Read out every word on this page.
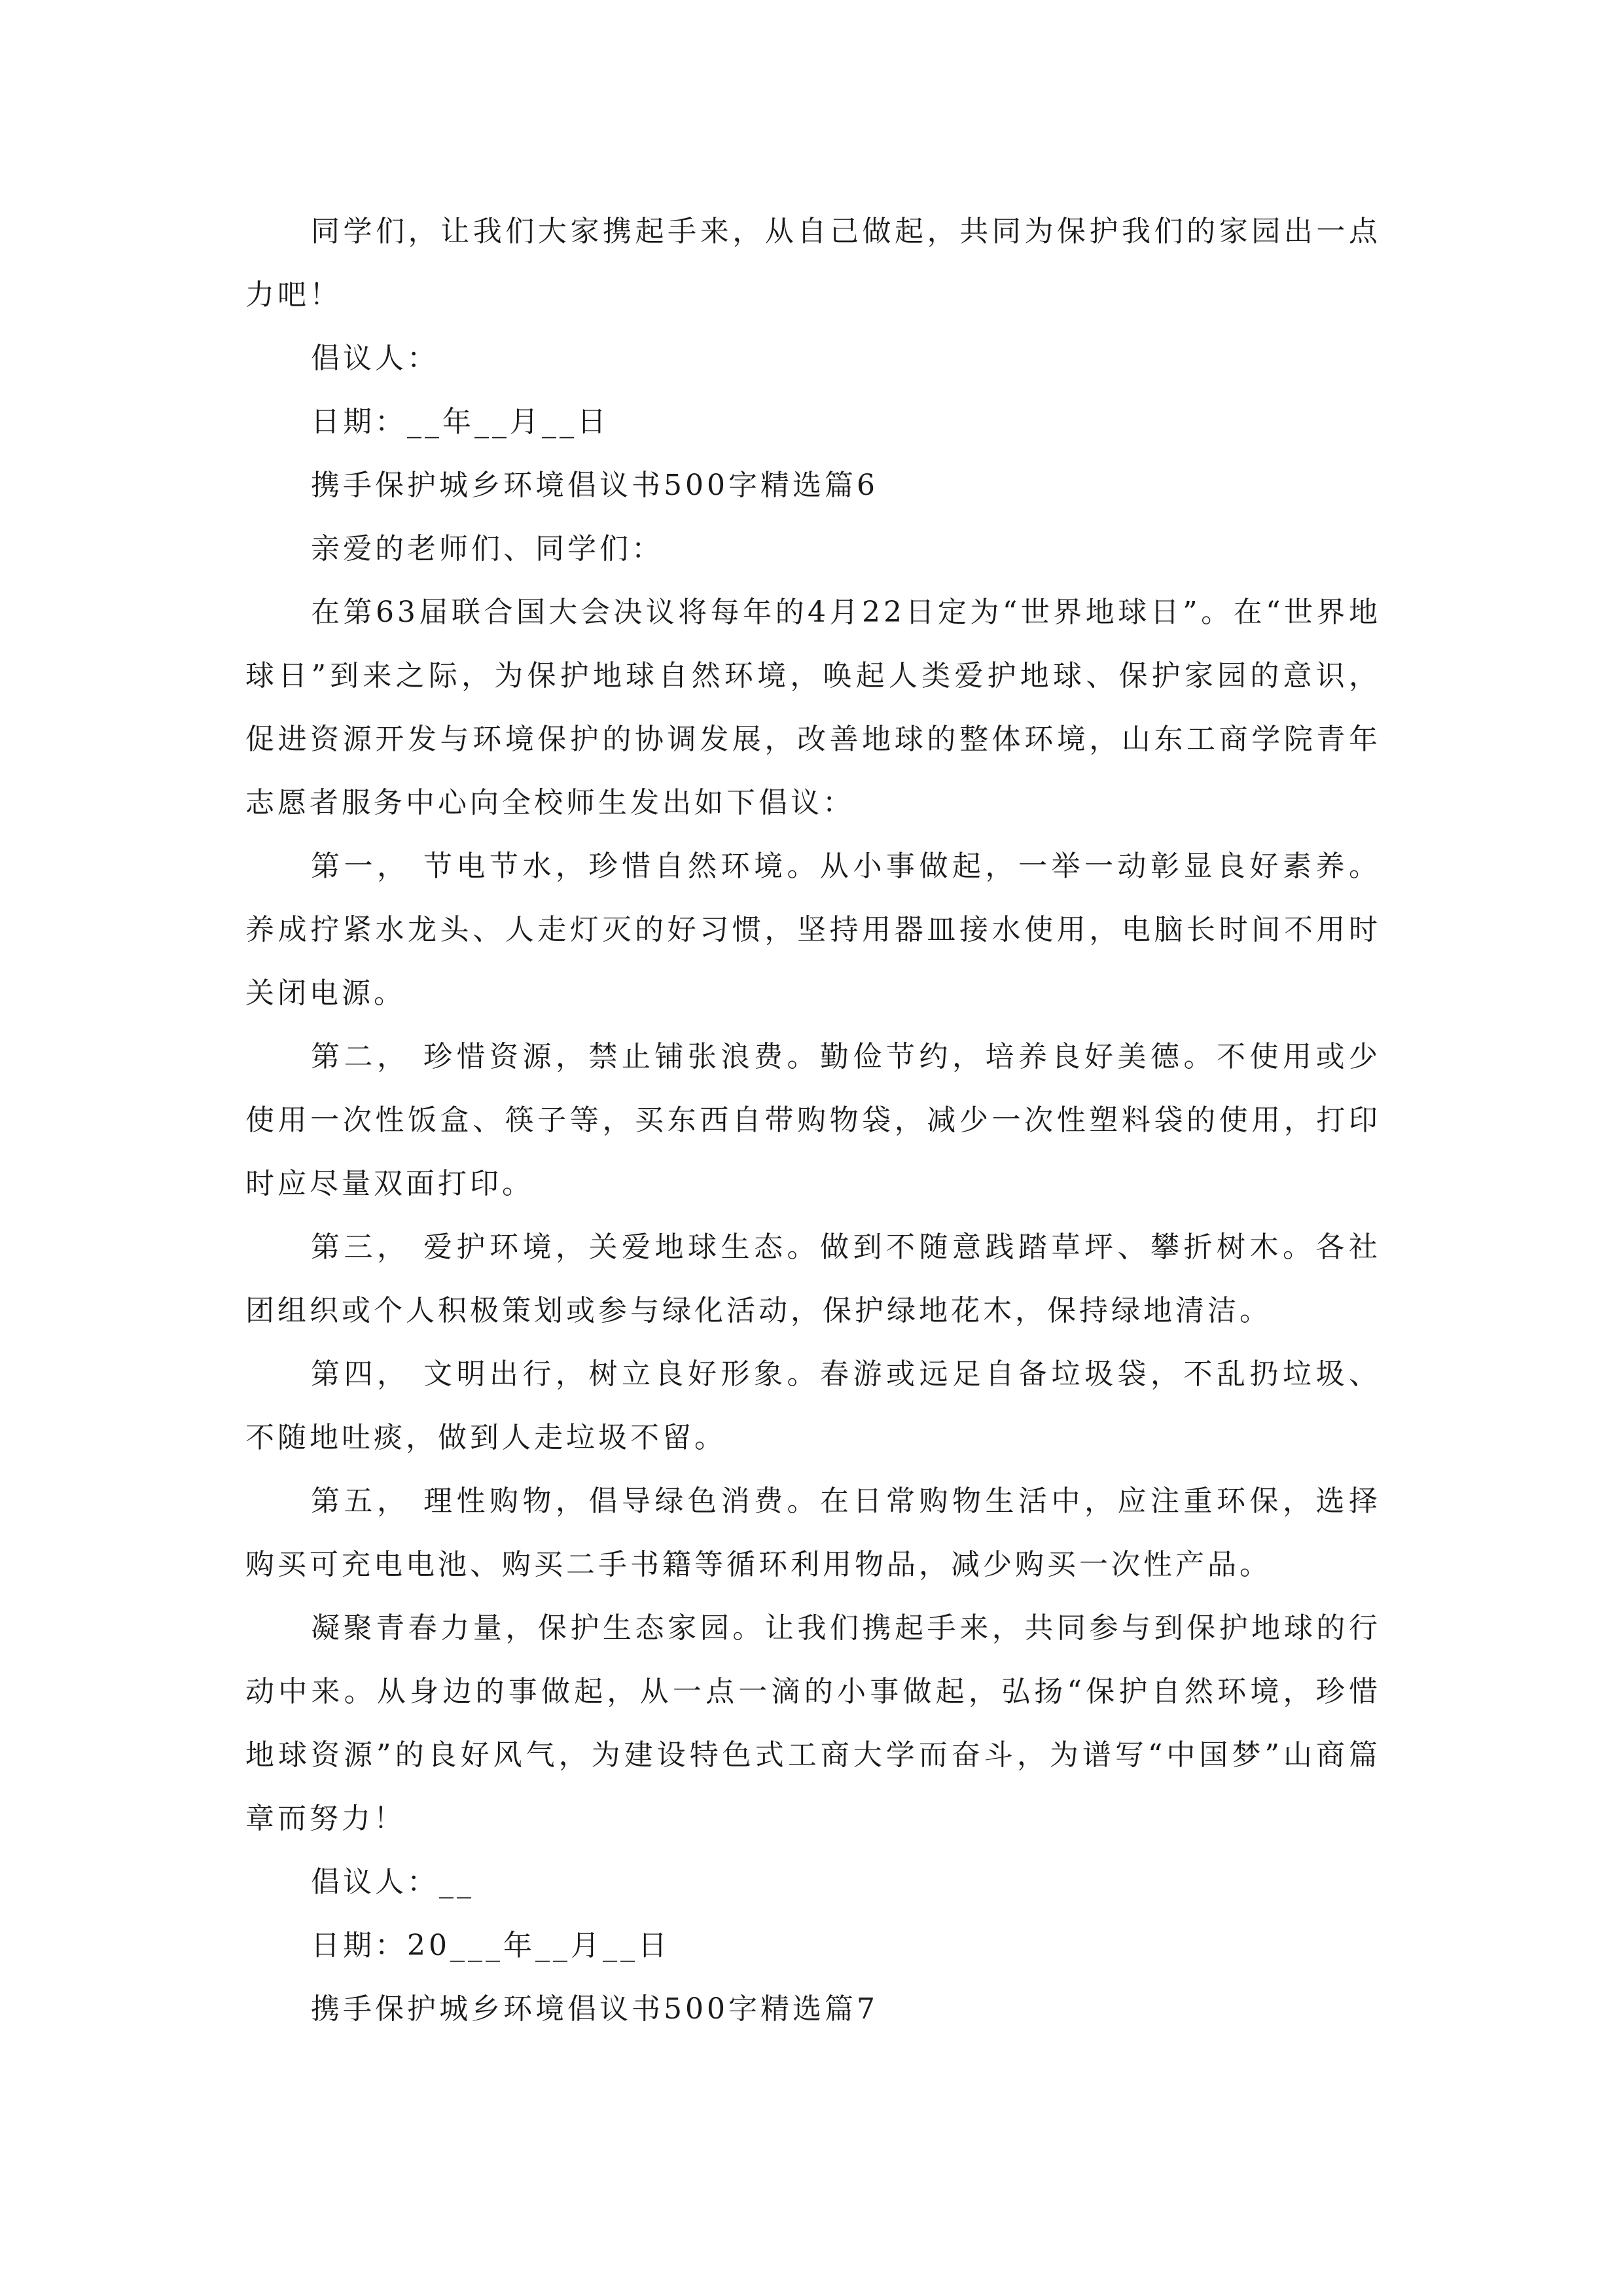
同学们，让我们大家携起手来，从自己做起，共同为保护我们的家园出一点力吧！

倡议人：

日期：__年__月__日

携手保护城乡环境倡议书500字精选篇6

亲爱的老师们、同学们：

在第63届联合国大会决议将每年的4月22日定为“世界地球日”。在“世界地球日”到来之际，为保护地球自然环境，唤起人类爱护地球、保护家园的意识，促进资源开发与环境保护的协调发展，改善地球的整体环境，山东工商学院青年志愿者服务中心向全校师生发出如下倡议：

第一， 节电节水，珍惜自然环境。从小事做起，一举一动彰显良好素养。养成拧紧水龙头、人走灯灭的好习惯，坚持用器皿接水使用，电脑长时间不用时关闭电源。

第二， 珍惜资源，禁止铺张浪费。勤俭节约，培养良好美德。不使用或少使用一次性饭盒、筷子等，买东西自带购物袋，减少一次性塑料袋的使用，打印时应尽量双面打印。

第三， 爱护环境，关爱地球生态。做到不随意践踏草坪、攀折树木。各社团组织或个人积极策划或参与绿化活动，保护绿地花木，保持绿地清洁。

第四， 文明出行，树立良好形象。春游或远足自备垃圾袋，不乱扔垃圾、不随地吐痰，做到人走垃圾不留。

第五， 理性购物，倡导绿色消费。在日常购物生活中，应注重环保，选择购买可充电电池、购买二手书籍等循环利用物品，减少购买一次性产品。

凝聚青春力量，保护生态家园。让我们携起手来，共同参与到保护地球的行动中来。从身边的事做起，从一点一滴的小事做起，弘扬“保护自然环境，珍惜地球资源”的良好风气，为建设特色式工商大学而奋斗，为谱写“中国梦”山商篇章而努力！

倡议人：__

日期：20___年__月__日

携手保护城乡环境倡议书500字精选篇7
